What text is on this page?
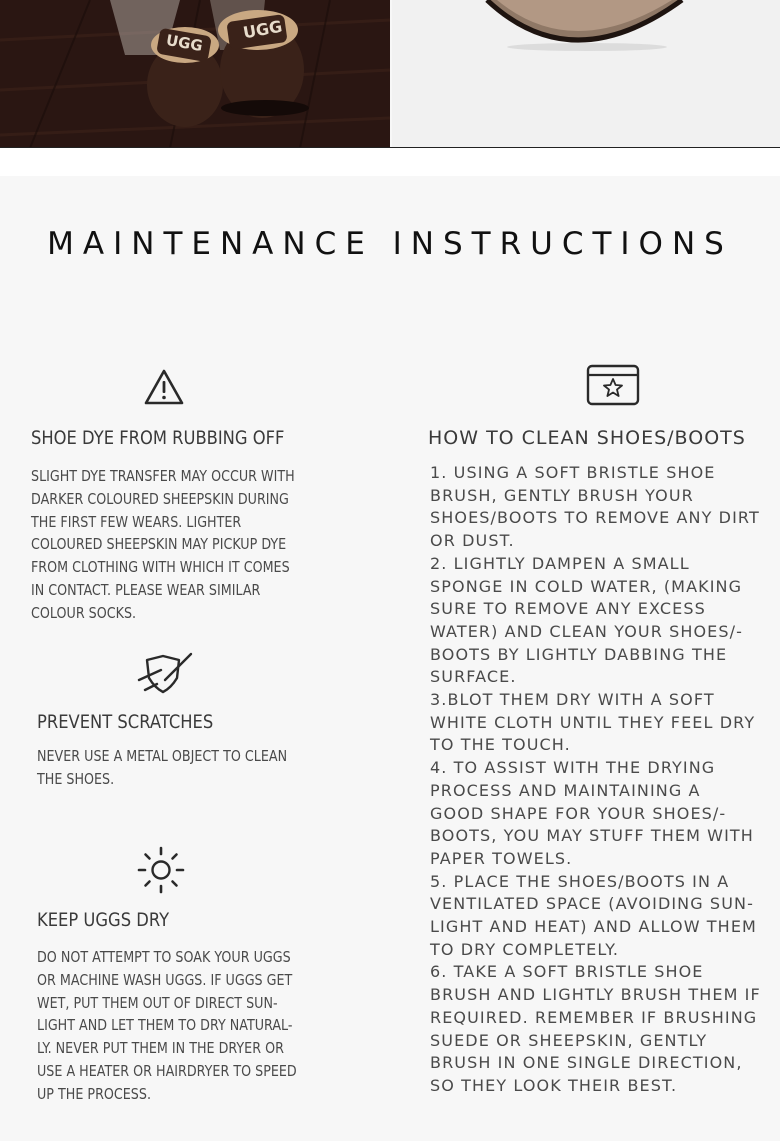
UGG
UGG
MAINTENANCE INSTRUCTIONS
SHOE DYE FROM RUBBING OFF
SLIGHT DYE TRANSFER MAY OCCUR WITH
DARKER COLOURED SHEEPSKIN DURING
THE FIRST FEW WEARS. LIGHTER
COLOURED SHEEPSKIN MAY PICKUP DYE
FROM CLOTHING WITH WHICH IT COMES
IN CONTACT. PLEASE WEAR SIMILAR
COLOUR SOCKS.
PREVENT SCRATCHES
NEVER USE A METAL OBJECT TO CLEAN
THE SHOES.
KEEP UGGS DRY
DO NOT ATTEMPT TO SOAK YOUR UGGS
OR MACHINE WASH UGGS. IF UGGS GET
WET, PUT THEM OUT OF DIRECT SUN-
LIGHT AND LET THEM TO DRY NATURAL-
LY. NEVER PUT THEM IN THE DRYER OR
USE A HEATER OR HAIRDRYER TO SPEED
UP THE PROCESS.
HOW TO CLEAN SHOES/BOOTS
1. USING A SOFT BRISTLE SHOE
BRUSH, GENTLY BRUSH YOUR
SHOES/BOOTS TO REMOVE ANY DIRT
OR DUST.
2. LIGHTLY DAMPEN A SMALL
SPONGE IN COLD WATER, (MAKING
SURE TO REMOVE ANY EXCESS
WATER) AND CLEAN YOUR SHOES/-
BOOTS BY LIGHTLY DABBING THE
SURFACE.
3.BLOT THEM DRY WITH A SOFT
WHITE CLOTH UNTIL THEY FEEL DRY
TO THE TOUCH.
4. TO ASSIST WITH THE DRYING
PROCESS AND MAINTAINING A
GOOD SHAPE FOR YOUR SHOES/-
BOOTS, YOU MAY STUFF THEM WITH
PAPER TOWELS.
5. PLACE THE SHOES/BOOTS IN A
VENTILATED SPACE (AVOIDING SUN-
LIGHT AND HEAT) AND ALLOW THEM
TO DRY COMPLETELY.
6. TAKE A SOFT BRISTLE SHOE
BRUSH AND LIGHTLY BRUSH THEM IF
REQUIRED. REMEMBER IF BRUSHING
SUEDE OR SHEEPSKIN, GENTLY
BRUSH IN ONE SINGLE DIRECTION,
SO THEY LOOK THEIR BEST.
